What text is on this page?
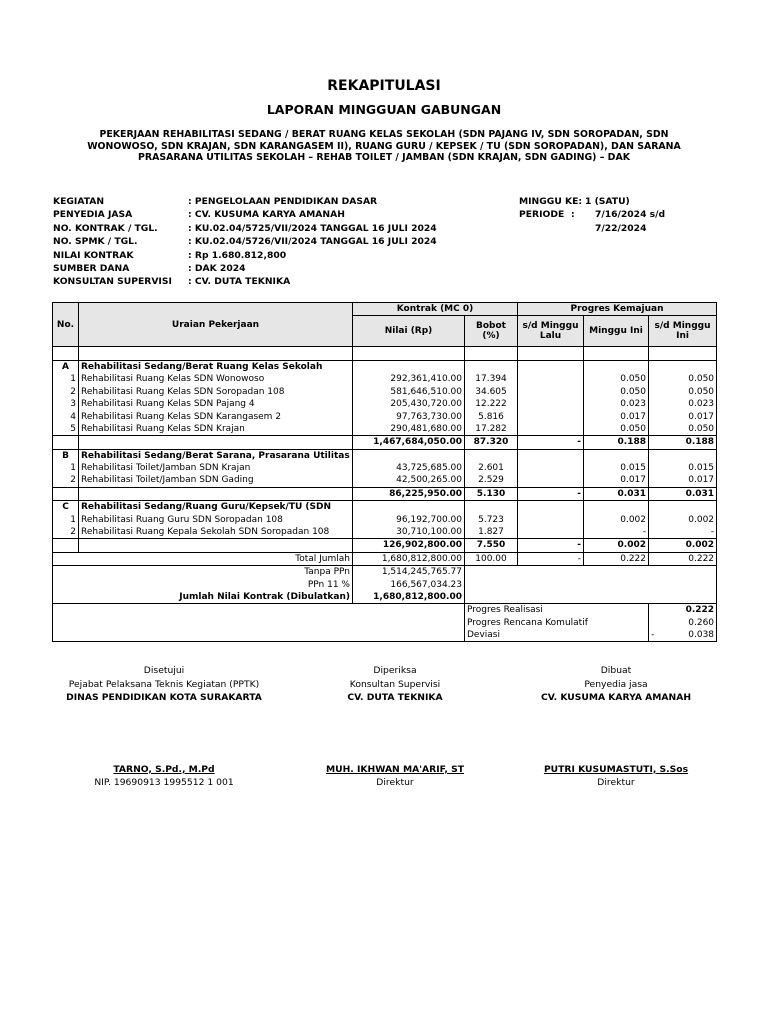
REKAPITULASI
LAPORAN MINGGUAN GABUNGAN
PEKERJAAN REHABILITASI SEDANG / BERAT RUANG KELAS SEKOLAH (SDN PAJANG IV, SDN SOROPADAN, SDN WONOWOSO, SDN KRAJAN, SDN KARANGASEM II), RUANG GURU / KEPSEK / TU (SDN SOROPADAN), DAN SARANA PRASARANA UTILITAS SEKOLAH – REHAB TOILET / JAMBAN (SDN KRAJAN, SDN GADING) – DAK
KEGIATAN	: PENGELOLAAN PENDIDIKAN DASAR
PENYEDIA JASA	: CV. KUSUMA KARYA AMANAH
NO. KONTRAK / TGL.	: KU.02.04/5725/VII/2024 TANGGAL 16 JULI 2024
NO. SPMK / TGL.	: KU.02.04/5726/VII/2024 TANGGAL 16 JULI 2024
NILAI KONTRAK	: Rp 1.680.812,800
SUMBER DANA	: DAK 2024
KONSULTAN SUPERVISI : CV. DUTA TEKNIKA
MINGGU KE: 1 (SATU)
PERIODE : 7/16/2024 s/d
7/22/2024
No.	Uraian Pekerjaan	Kontrak (MC 0)		Progres Kemajuan		
		Nilai (Rp)	Bobot (%)	s/d Minggu Lalu	Minggu Ini	s/d Minggu Ini

A	Rehabilitasi Sedang/Berat Ruang Kelas Sekolah					

1	Rehabilitasi Ruang Kelas SDN Wonowoso	292,361,410.00	17.394		0.050	0.050
2	Rehabilitasi Ruang Kelas SDN Soropadan 108	581,646,510.00	34.605		0.050	0.050
3	Rehabilitasi Ruang Kelas SDN Pajang 4	205,430,720.00	12.222		0.023	0.023
4	Rehabilitasi Ruang Kelas SDN Karangasem 2	97,763,730.00	5.816		0.017	0.017
5	Rehabilitasi Ruang Kelas SDN Krajan	290,481,680.00	17.282		0.050	0.050
		1,467,684,050.00	87.320	-	0.188	0.188
B	Rehabilitasi Sedang/Berat Sarana, Prasarana Utilitas					

1	Rehabilitasi Toilet/Jamban SDN Krajan	43,725,685.00	2.601		0.015	0.015
2	Rehabilitasi Toilet/Jamban SDN Gading	42,500,265.00	2.529		0.017	0.017
		86,225,950.00	5.130	-	0.031	0.031
C	Rehabilitasi Sedang/Ruang Guru/Kepsek/TU (SDN					

1	Rehabilitasi Ruang Guru SDN Soropadan 108	96,192,700.00	5.723		0.002	0.002
2	Rehabilitasi Ruang Kepala Sekolah SDN Soropadan 108	30,710,100.00	1.827		-	-
		126,902,800.00	7.550	-	0.002	0.002
Total Jumlah		1,680,812,800.00	100.00	-	0.222	0.222
Tanpa PPn		1,514,245,765.77				
PPn 11 %		166,567,034.23				
Jumlah Nilai Kontrak (Dibulatkan)		1,680,812,800.00				
			Progres Realisasi			0.222
			Progres Rencana Komulatif			0.260
			Deviasi			- 0.038
Disetujui
Pejabat Pelaksana Teknis Kegiatan (PPTK)
DINAS PENDIDIKAN KOTA SURAKARTA
TARNO, S.Pd., M.Pd
NIP. 19690913 1995512 1 001
Diperiksa
Konsultan Supervisi
CV. DUTA TEKNIKA
MUH. IKHWAN MA'ARIF, ST
Direktur
Dibuat
Penyedia jasa
CV. KUSUMA KARYA AMANAH
PUTRI KUSUMASTUTI, S.Sos
Direktur
